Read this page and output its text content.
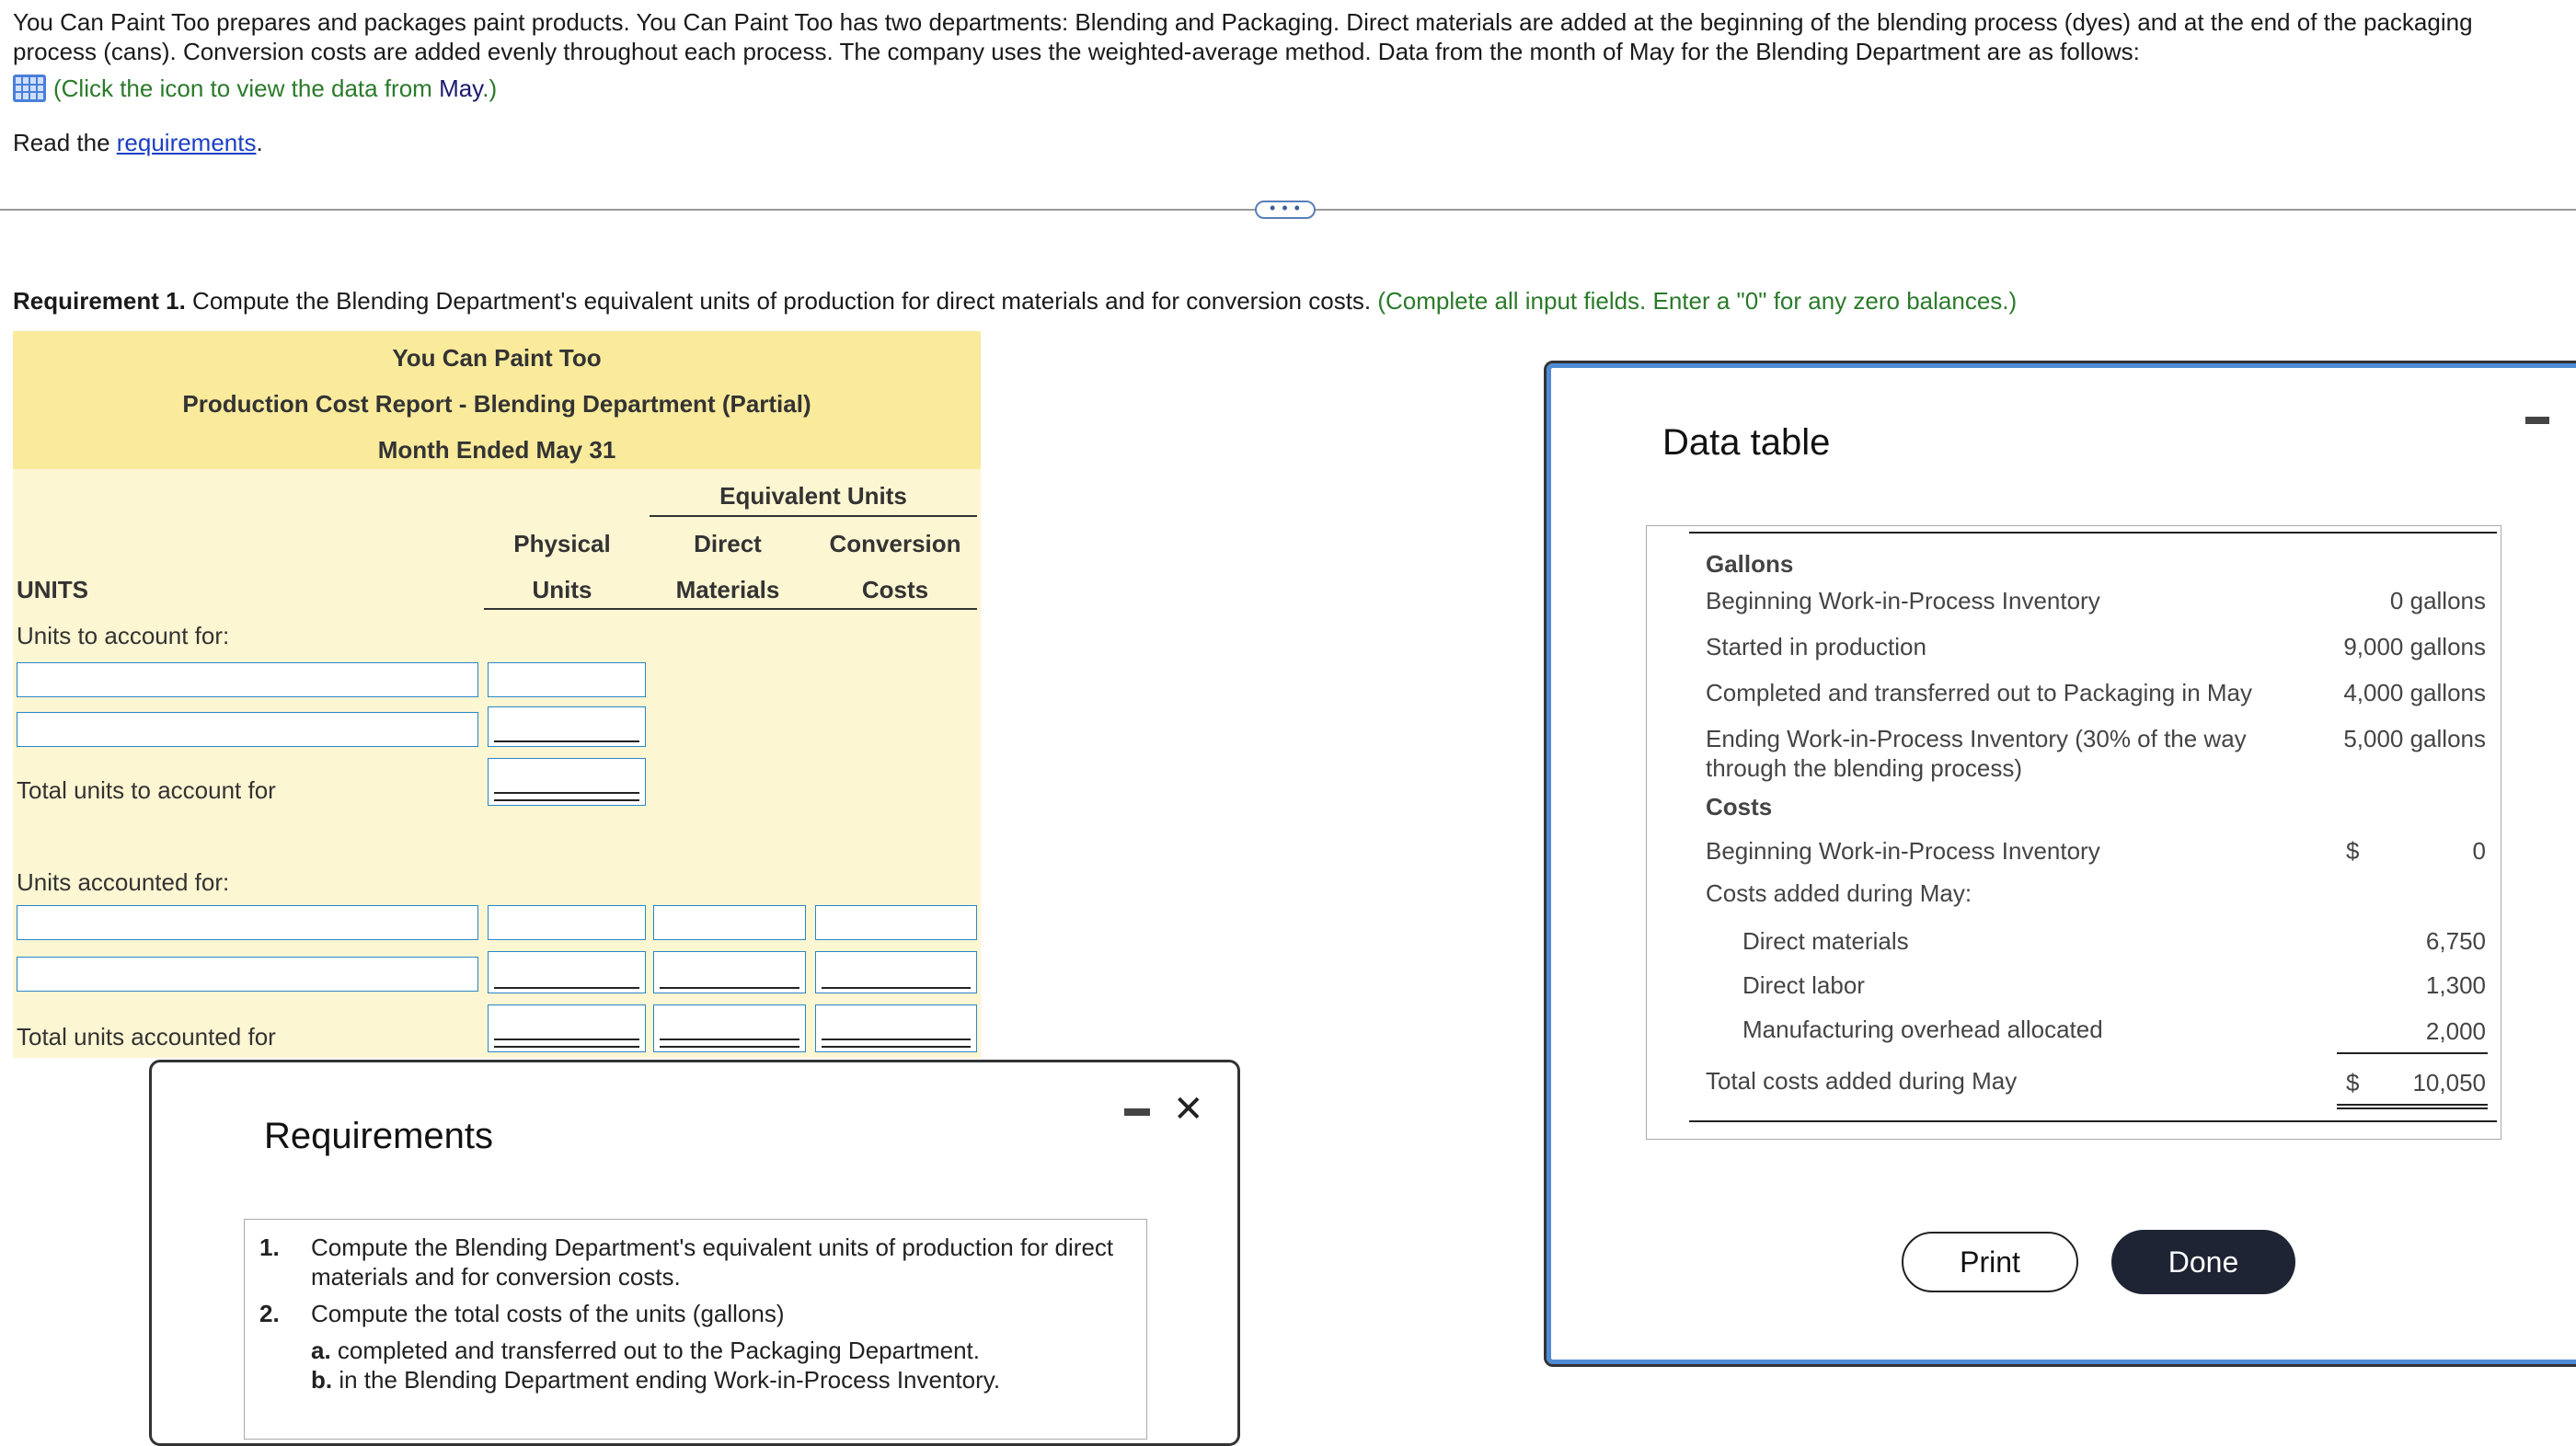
You Can Paint Too prepares and packages paint products. You Can Paint Too has two departments: Blending and Packaging. Direct materials are added at the beginning of the blending process (dyes) and at the end of the packaging process (cans). Conversion costs are added evenly throughout each process. The company uses the weighted-average method. Data from the month of May for the Blending Department are as follows:
(Click the icon to view the data from May.)
Read the requirements.
• • •
Requirement 1. Compute the Blending Department's equivalent units of production for direct materials and for conversion costs. (Complete all input fields. Enter a "0" for any zero balances.)
You Can Paint Too
Production Cost Report - Blending Department (Partial)
Month Ended May 31
Equivalent Units
Physical
Units
Direct
Materials
Conversion
Costs
UNITS
Units to account for:
Total units to account for
Units accounted for:
Total units accounted for
Requirements
✕
1.	Compute the Blending Department's equivalent units of production for direct
materials and for conversion costs.
2.	Compute the total costs of the units (gallons)
a. completed and transferred out to the Packaging Department.
b. in the Blending Department ending Work-in-Process Inventory.
Data table
Gallons
Beginning Work-in-Process Inventory	0 gallons
Started in production	9,000 gallons
Completed and transferred out to Packaging in May	4,000 gallons
Ending Work-in-Process Inventory (30% of the way
through the blending process)
5,000 gallons
Costs
Beginning Work-in-Process Inventory	$	0
Costs added during May:
Direct materials	6,750
Direct labor	1,300
Manufacturing overhead allocated	2,000
Total costs added during May	$	10,050
Print	Done
